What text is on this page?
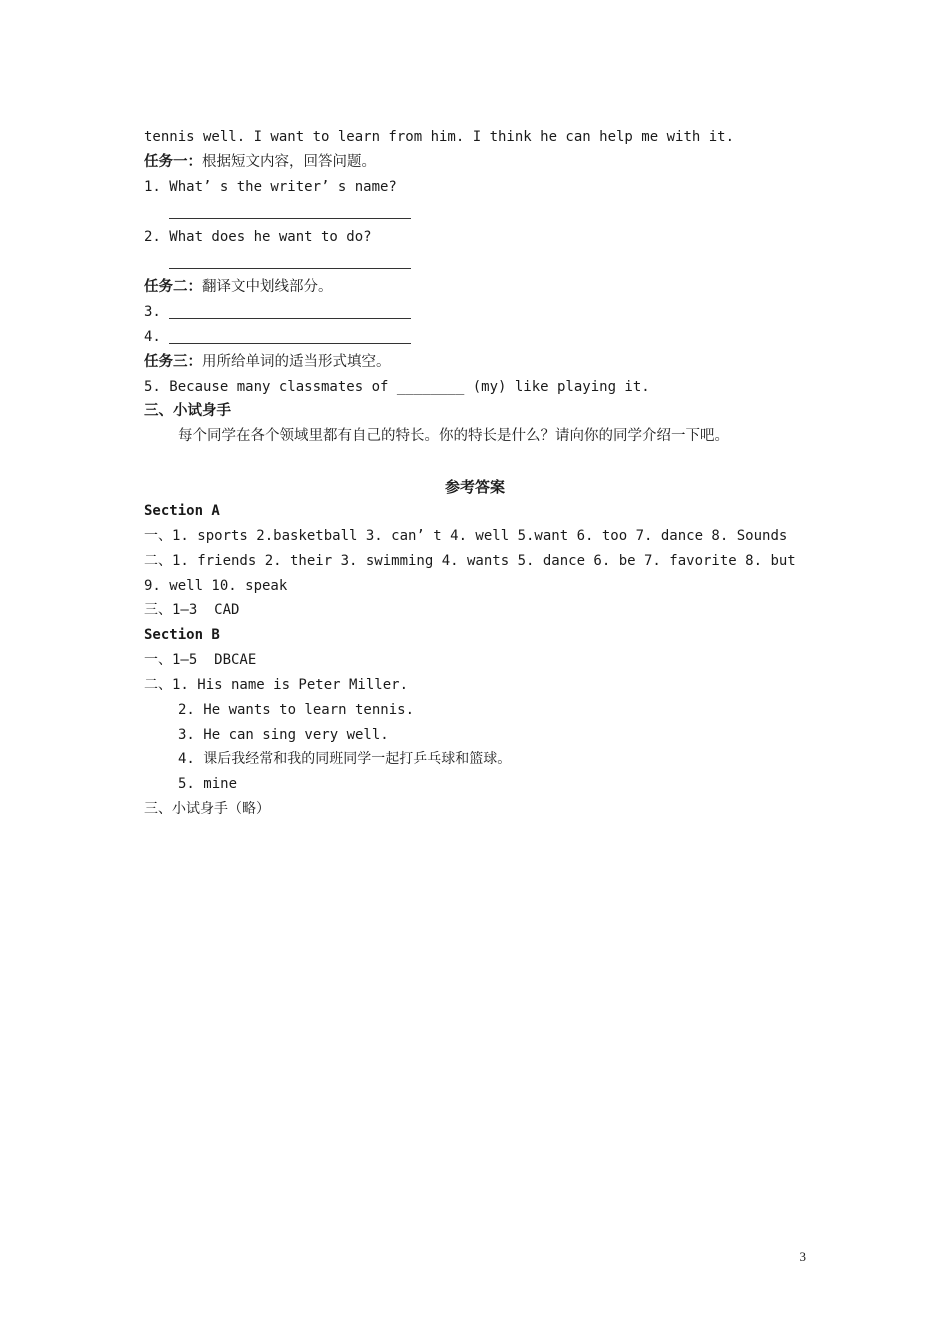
tennis well. I want to learn from him. I think he can help me with it.
任务一：根据短文内容，回答问题。
1. What’ s the writer’ s name?
2. What does he want to do?
任务二：翻译文中划线部分。
3.
4.
任务三：用所给单词的适当形式填空。
5. Because many classmates of ________ (my) like playing it.
三、小试身手
每个同学在各个领域里都有自己的特长。你的特长是什么？请向你的同学介绍一下吧。
参考答案
Section A
一、1. sports 2.basketball 3. can’ t 4. well 5.want 6. too 7. dance 8. Sounds
二、1. friends 2. their 3. swimming 4. wants 5. dance 6. be 7. favorite 8. but
9. well 10. speak
三、1—3  CAD
Section B
一、1—5  DBCAE
二、1. His name is Peter Miller.
2. He wants to learn tennis.
3. He can sing very well.
4. 课后我经常和我的同班同学一起打乒乓球和篮球。
5. mine
三、小试身手（略）
3
